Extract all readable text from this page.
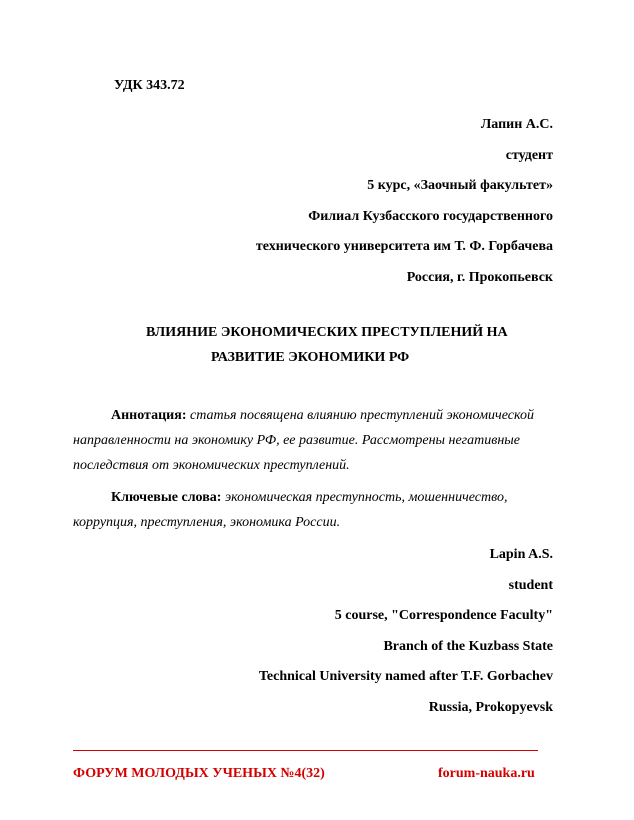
УДК 343.72
Лапин А.С.
студент
5 курс, «Заочный факультет»
Филиал Кузбасского государственного
технического университета им Т. Ф. Горбачева
Россия, г. Прокопьевск
ВЛИЯНИЕ ЭКОНОМИЧЕСКИХ ПРЕСТУПЛЕНИЙ НА
РАЗВИТИЕ ЭКОНОМИКИ РФ

Аннотация: статья посвящена влиянию преступлений экономической направленности на экономику РФ, ее развитие. Рассмотрены негативные последствия от экономических преступлений.

Ключевые слова: экономическая преступность, мошенничество, коррупция, преступления, экономика России.

Lapin A.S.
student
5 course, "Correspondence Faculty"
Branch of the Kuzbass State
Technical University named after T.F. Gorbachev
Russia, Prokopyevsk
ФОРУМ МОЛОДЫХ УЧЕНЫХ №4(32)	forum-nauka.ru
